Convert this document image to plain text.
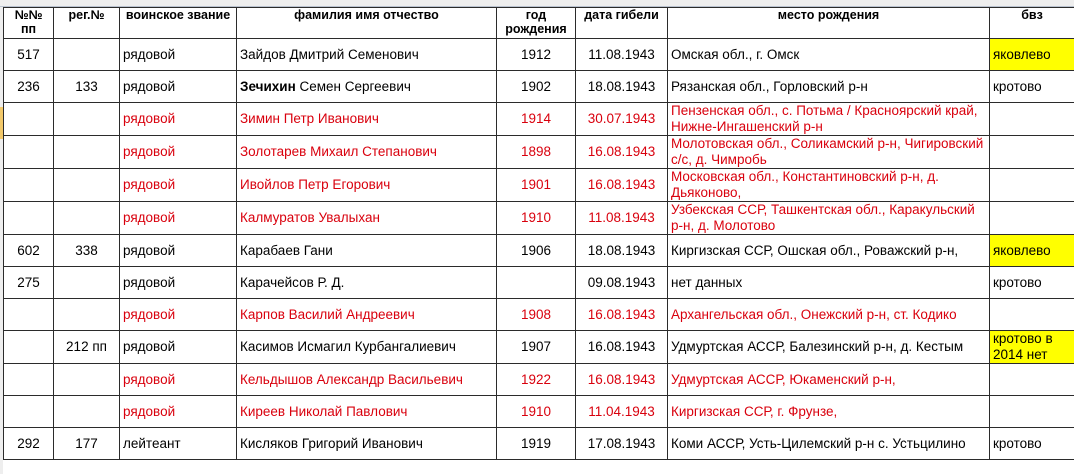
№№ пп	рег.№	воинское звание	фамилия имя отчество	год рождения	дата гибели	место рождения	бвз
517		рядовой	Зайдов Дмитрий Семенович	1912	11.08.1943	Омская обл., г. Омск	яковлево
236	133	рядовой	Зечихин Семен Сергеевич	1902	18.08.1943	Рязанская обл., Горловский р-н	кротово
		рядовой	Зимин Петр Иванович	1914	30.07.1943	Пензенская обл., с. Потьма / Красноярский край, Нижне-Ингашенский р-н	
		рядовой	Золотарев Михаил Степанович	1898	16.08.1943	Молотовская обл., Соликамский р-н, Чигировский с/с, д. Чимробь	
		рядовой	Ивойлов Петр Егорович	1901	16.08.1943	Московская обл., Константиновский р-н, д. Дьяконово,	
		рядовой	Калмуратов Увалыхан	1910	11.08.1943	Узбекская ССР, Ташкентская обл., Каракульский р-н, д. Молотово	
602	338	рядовой	Карабаев Гани	1906	18.08.1943	Киргизская ССР, Ошская обл., Роважский р-н,	яковлево
275		рядовой	Карачейсов Р. Д.		09.08.1943	нет данных	кротово
		рядовой	Карпов Василий Андреевич	1908	16.08.1943	Архангельская обл., Онежский р-н, ст. Кодико	
	212 пп	рядовой	Касимов Исмагил Курбангалиевич	1907	16.08.1943	Удмуртская АССР, Балезинский р-н, д. Кестым	кротово в 2014 нет
		рядовой	Кельдышов Александр Васильевич	1922	16.08.1943	Удмуртская АССР, Юкаменский р-н,	
		рядовой	Киреев Николай Павлович	1910	11.04.1943	Киргизская ССР, г. Фрунзе,	
292	177	лейтеант	Кисляков Григорий Иванович	1919	17.08.1943	Коми АССР, Усть-Цилемский р-н с. Устьцилино	кротово
